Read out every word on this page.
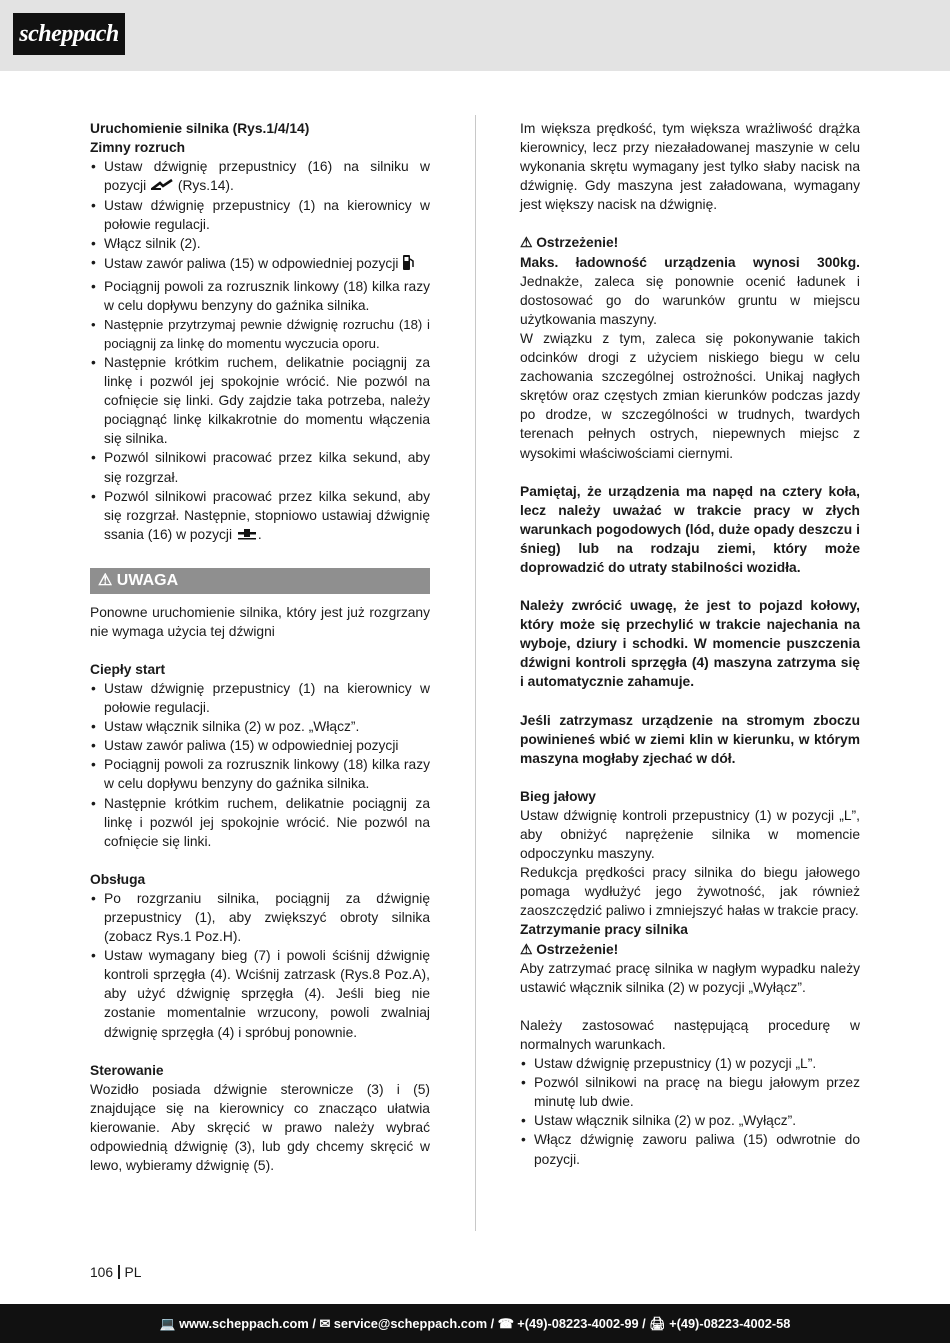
scheppach

Uruchomienie silnika (Rys.1/4/14)

Zimny rozruch

• Ustaw dźwignię przepustnicy (16) na silniku w pozycji (Rys.14).
• Ustaw dźwignię przepustnicy (1) na kierownicy w połowie regulacji.
• Włącz silnik (2).
• Ustaw zawór paliwa (15) w odpowiedniej pozycji
• Pociągnij powoli za rozrusznik linkowy (18) kilka razy w celu dopływu benzyny do gaźnika silnika.
• Następnie przytrzymaj pewnie dźwignię rozruchu (18) i pociągnij za linkę do momentu wyczucia oporu.
• Następnie krótkim ruchem, delikatnie pociągnij za linkę i pozwól jej spokojnie wrócić. Nie pozwól na cofnięcie się linki. Gdy zajdzie taka potrzeba, należy pociągnąć linkę kilkakrotnie do momentu włączenia się silnika.
• Pozwól silnikowi pracować przez kilka sekund, aby się rozgrzał.
• Pozwól silnikowi pracować przez kilka sekund, aby się rozgrzał. Następnie, stopniowo ustawiaj dźwignię ssania (16) w pozycji .
⚠ UWAGA

Ponowne uruchomienie silnika, który jest już rozgrzany nie wymaga użycia tej dźwigni

Ciepły start

• Ustaw dźwignię przepustnicy (1) na kierownicy w połowie regulacji.
• Ustaw włącznik silnika (2) w poz. „Włącz”.
• Ustaw zawór paliwa (15) w odpowiedniej pozycji
• Pociągnij powoli za rozrusznik linkowy (18) kilka razy w celu dopływu benzyny do gaźnika silnika.
• Następnie krótkim ruchem, delikatnie pociągnij za linkę i pozwól jej spokojnie wrócić. Nie pozwól na cofnięcie się linki.

Obsługa

• Po rozgrzaniu silnika, pociągnij za dźwignię przepustnicy (1), aby zwiększyć obroty silnika (zobacz Rys.1 Poz.H).
• Ustaw wymagany bieg (7) i powoli ściśnij dźwignię kontroli sprzęgła (4). Wciśnij zatrzask (Rys.8 Poz.A), aby użyć dźwignię sprzęgła (4). Jeśli bieg nie zostanie momentalnie wrzucony, powoli zwalniaj dźwignię sprzęgła (4) i spróbuj ponownie.

Sterowanie

Wozidło posiada dźwignie sterownicze (3) i (5) znajdujące się na kierownicy co znacząco ułatwia kierowanie. Aby skręcić w prawo należy wybrać odpowiednią dźwignię (3), lub gdy chcemy skręcić w lewo, wybieramy dźwignię (5).

Im większa prędkość, tym większa wrażliwość drążka kierownicy, lecz przy niezaładowanej maszynie w celu wykonania skrętu wymagany jest tylko słaby nacisk na dźwignię. Gdy maszyna jest załadowana, wymagany jest większy nacisk na dźwignię.

⚠ Ostrzeżenie!

Maks. ładowność urządzenia wynosi 300kg. Jednakże, zaleca się ponownie ocenić ładunek i dostosować go do warunków gruntu w miejscu użytkowania maszyny.

W związku z tym, zaleca się pokonywanie takich odcinków drogi z użyciem niskiego biegu w celu zachowania szczególnej ostrożności. Unikaj nagłych skrętów oraz częstych zmian kierunków podczas jazdy po drodze, w szczególności w trudnych, twardych terenach pełnych ostrych, niepewnych miejsc z wysokimi właściwościami ciernymi.

Pamiętaj, że urządzenia ma napęd na cztery koła, lecz należy uważać w trakcie pracy w złych warunkach pogodowych (lód, duże opady deszczu i śnieg) lub na rodzaju ziemi, który może doprowadzić do utraty stabilności wozidła.

Należy zwrócić uwagę, że jest to pojazd kołowy, który może się przechylić w trakcie najechania na wyboje, dziury i schodki. W momencie puszczenia dźwigni kontroli sprzęgła (4) maszyna zatrzyma się i automatycznie zahamuje.

Jeśli zatrzymasz urządzenie na stromym zboczu powinieneś wbić w ziemi klin w kierunku, w którym maszyna mogłaby zjechać w dół.

Bieg jałowy

Ustaw dźwignię kontroli przepustnicy (1) w pozycji „L”, aby obniżyć naprężenie silnika w momencie odpoczynku maszyny.

Redukcja prędkości pracy silnika do biegu jałowego pomaga wydłużyć jego żywotność, jak również zaoszczędzić paliwo i zmniejszyć hałas w trakcie pracy.

Zatrzymanie pracy silnika

⚠ Ostrzeżenie!

Aby zatrzymać pracę silnika w nagłym wypadku należy ustawić włącznik silnika (2) w pozycji „Wyłącz”.

Należy zastosować następującą procedurę w normalnych warunkach.

• Ustaw dźwignię przepustnicy (1) w pozycji „L”.
• Pozwól silnikowi na pracę na biegu jałowym przez minutę lub dwie.
• Ustaw włącznik silnika (2) w poz. „Wyłącz”.
• Włącz dźwignię zaworu paliwa (15) odwrotnie do pozycji.
106 PL
💻 www.scheppach.com / ✉ service@scheppach.com / ☎ +(49)-08223-4002-99 / 🖨 +(49)-08223-4002-58
